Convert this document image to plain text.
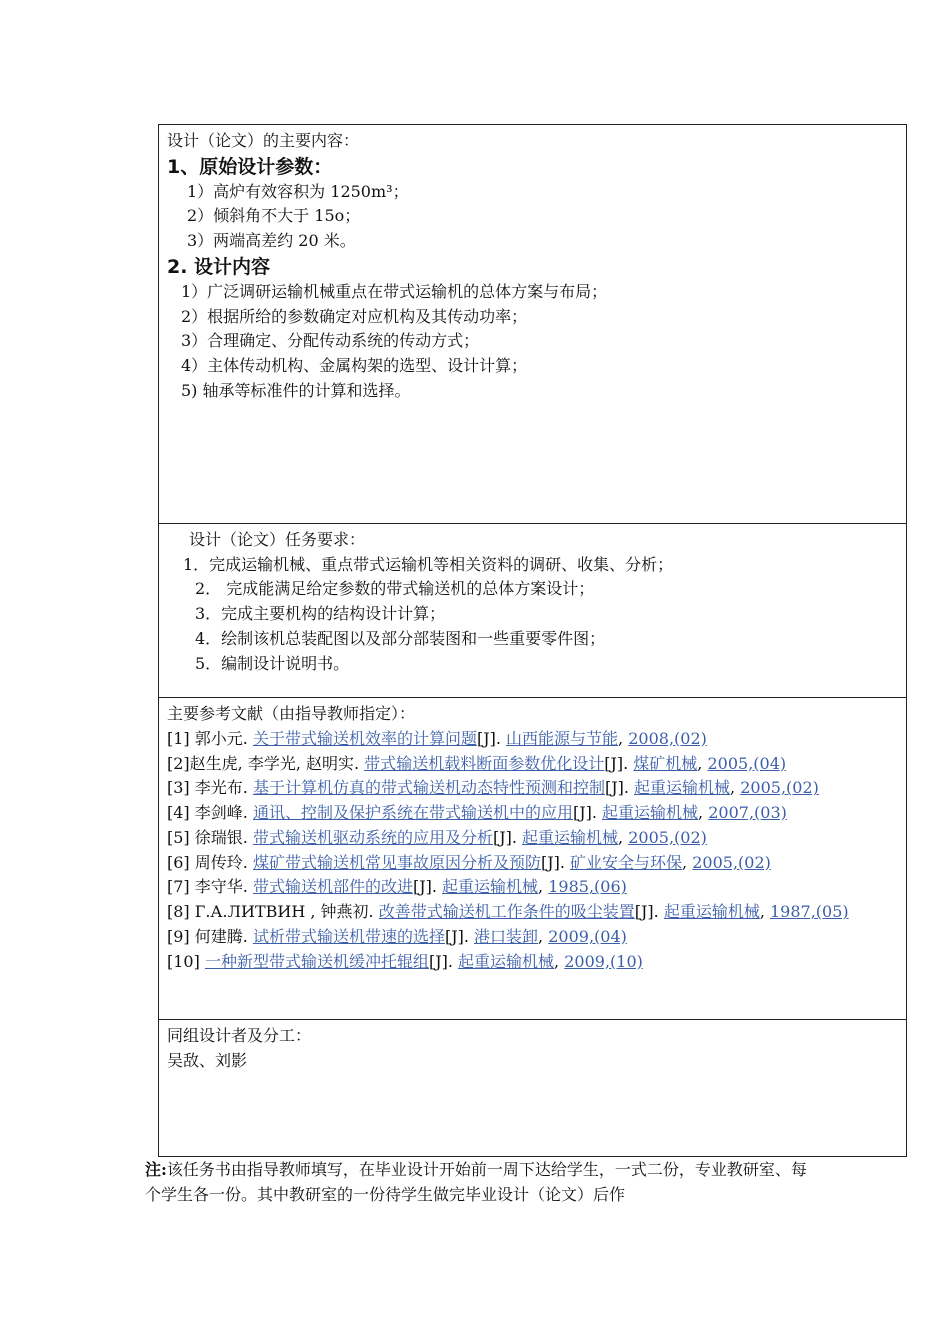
设计（论文）的主要内容：
1、原始设计参数：
1）高炉有效容积为 1250m³；
2）倾斜角不大于 15o；
3）两端高差约 20 米。
2. 设计内容
1）广泛调研运输机械重点在带式运输机的总体方案与布局；
2）根据所给的参数确定对应机构及其传动功率；
3）合理确定、分配传动系统的传动方式；
4）主体传动机构、金属构架的选型、设计计算；
5) 轴承等标准件的计算和选择。
设计（论文）任务要求：
1．完成运输机械、重点带式运输机等相关资料的调研、收集、分析；
2． 完成能满足给定参数的带式输送机的总体方案设计；
3．完成主要机构的结构设计计算；
4．绘制该机总装配图以及部分部装图和一些重要零件图；
5．编制设计说明书。
主要参考文献（由指导教师指定）：
[1] 郭小元. 关于带式输送机效率的计算问题[J]. 山西能源与节能, 2008,(02)
[2]赵生虎, 李学光, 赵明实. 带式输送机载料断面参数优化设计[J]. 煤矿机械, 2005,(04)
[3] 李光布. 基于计算机仿真的带式输送机动态特性预测和控制[J]. 起重运输机械, 2005,(02)
[4] 李剑峰. 通讯、控制及保护系统在带式输送机中的应用[J]. 起重运输机械, 2007,(03)
[5] 徐瑞银. 带式输送机驱动系统的应用及分析[J]. 起重运输机械, 2005,(02)
[6] 周传玲. 煤矿带式输送机常见事故原因分析及预防[J]. 矿业安全与环保, 2005,(02)
[7] 李守华. 带式输送机部件的改进[J]. 起重运输机械, 1985,(06)
[8] Г.А.ЛИТВИН , 钟燕初. 改善带式输送机工作条件的吸尘装置[J]. 起重运输机械, 1987,(05)
[9] 何建腾. 试析带式输送机带速的选择[J]. 港口装卸, 2009,(04)
[10] 一种新型带式输送机缓冲托辊组[J]. 起重运输机械, 2009,(10)
同组设计者及分工：
吴敌、刘影
注:该任务书由指导教师填写，在毕业设计开始前一周下达给学生，一式二份，专业教研室、每个学生各一份。其中教研室的一份待学生做完毕业设计（论文）后作
